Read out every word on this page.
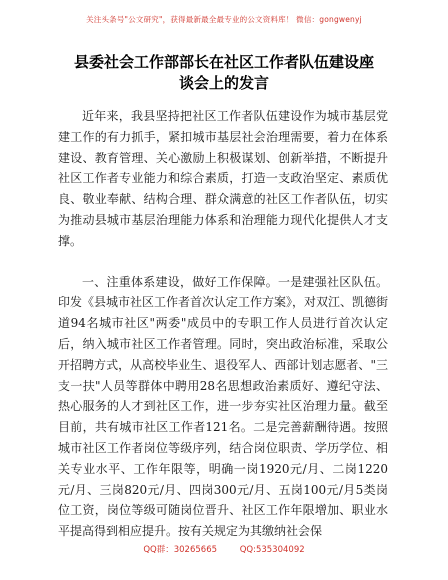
关注头条号"公文研究"，获得最新最全最专业的公文资料库！ 微信：gongwenyj
县委社会工作部部长在社区工作者队伍建设座
谈会上的发言

近年来，我县坚持把社区工作者队伍建设作为城市基层党建工作的有力抓手，紧扣城市基层社会治理需要，着力在体系建设、教育管理、关心激励上积极谋划、创新举措，不断提升社区工作者专业能力和综合素质，打造一支政治坚定、素质优良、敬业奉献、结构合理、群众满意的社区工作者队伍，切实为推动县城市基层治理能力体系和治理能力现代化提供人才支撑。

一、注重体系建设，做好工作保障。一是建强社区队伍。印发《县城市社区工作者首次认定工作方案》，对双江、凯德街道94名城市社区"两委"成员中的专职工作人员进行首次认定后，纳入城市社区工作者管理。同时，突出政治标准，采取公开招聘方式，从高校毕业生、退役军人、西部计划志愿者、"三支一扶"人员等群体中聘用28名思想政治素质好、遵纪守法、热心服务的人才到社区工作，进一步夯实社区治理力量。截至目前，共有城市社区工作者121名。二是完善薪酬待遇。按照城市社区工作者岗位等级序列，结合岗位职责、学历学位、相关专业水平、工作年限等，明确一岗1920元/月、二岗1220元/月、三岗820元/月、四岗300元/月、五岗100元/月5类岗位工资，岗位等级可随岗位晋升、社区工作年限增加、职业水平提高得到相应提升。按有关规定为其缴纳社会保

QQ群：30265665	QQ:535304092
